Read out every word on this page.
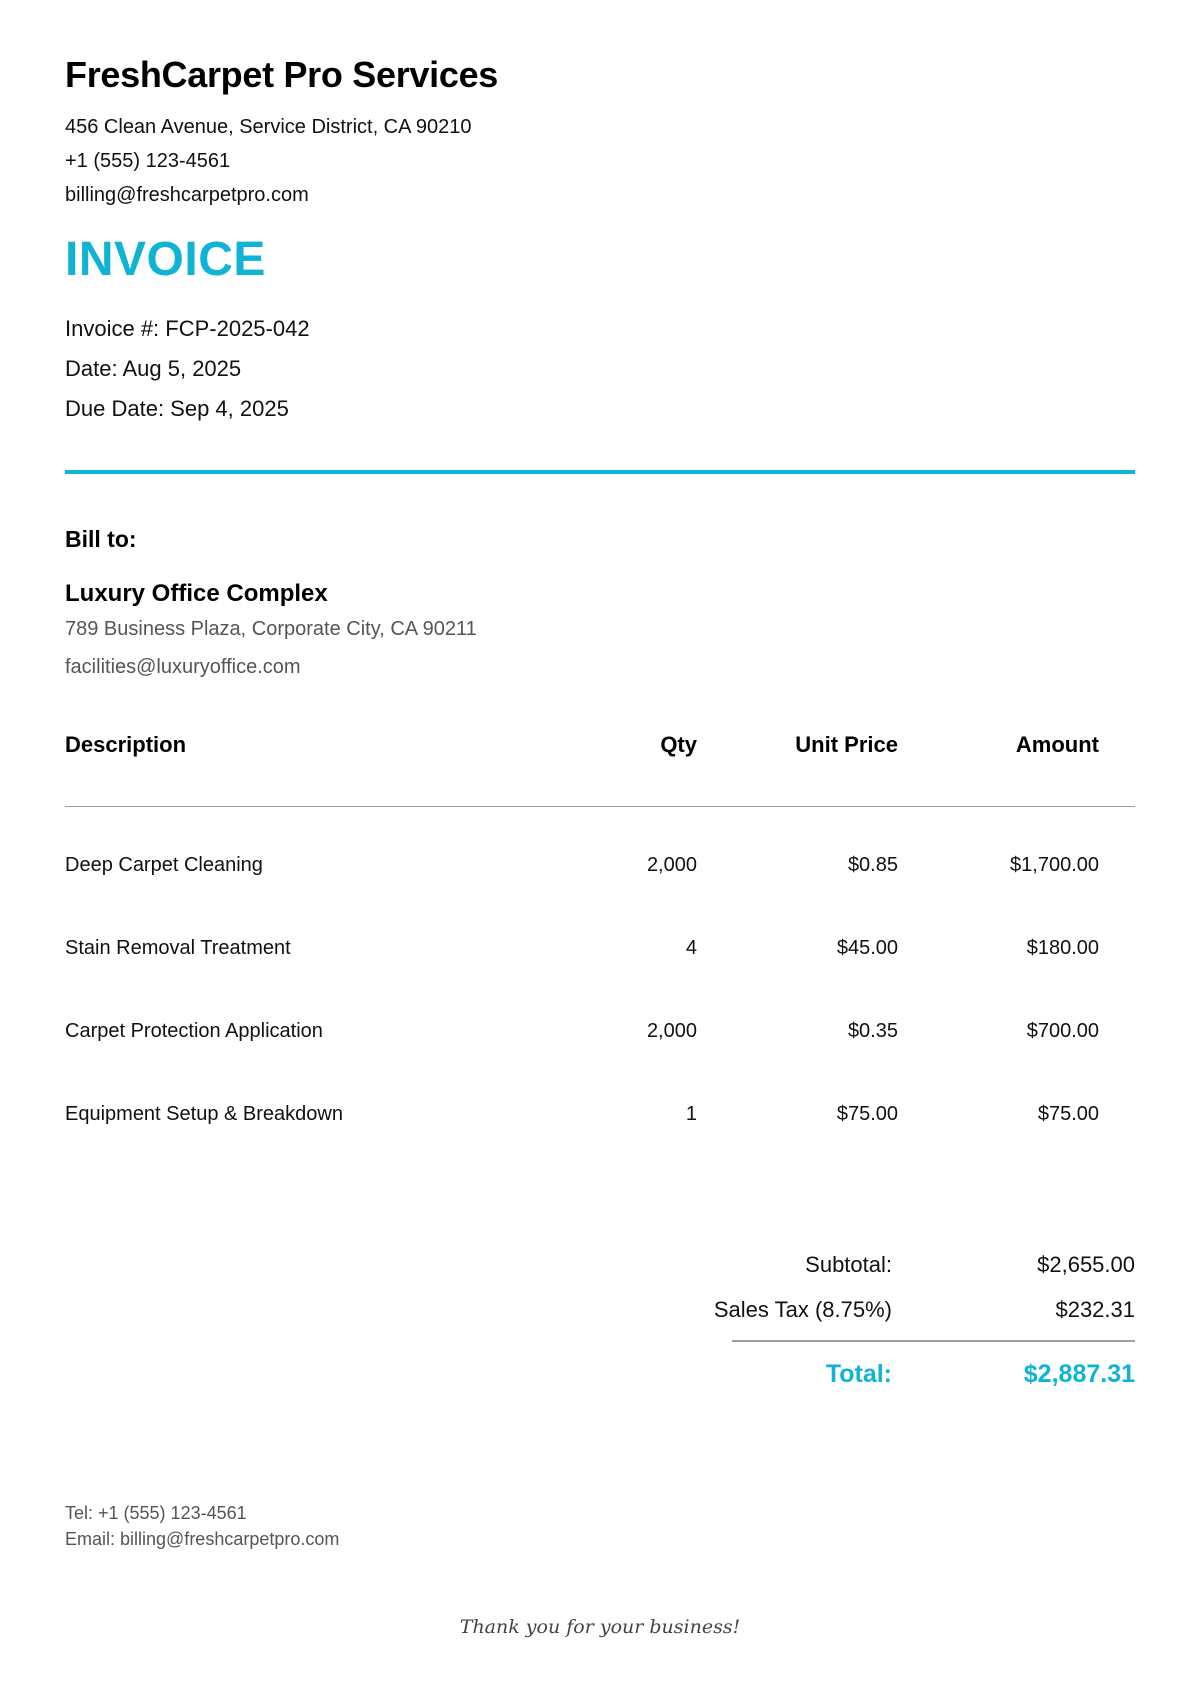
FreshCarpet Pro Services
456 Clean Avenue, Service District, CA 90210
+1 (555) 123-4561
billing@freshcarpetpro.com
INVOICE
Invoice #: FCP-2025-042
Date: Aug 5, 2025
Due Date: Sep 4, 2025
Bill to:
Luxury Office Complex
789 Business Plaza, Corporate City, CA 90211
facilities@luxuryoffice.com
Description	Qty	Unit Price	Amount
Deep Carpet Cleaning	2,000	$0.85	$1,700.00
Stain Removal Treatment	4	$45.00	$180.00
Carpet Protection Application	2,000	$0.35	$700.00
Equipment Setup & Breakdown	1	$75.00	$75.00
Subtotal:	$2,655.00
Sales Tax (8.75%)	$232.31
Total:	$2,887.31
Tel: +1 (555) 123-4561
Email: billing@freshcarpetpro.com
Thank you for your business!
